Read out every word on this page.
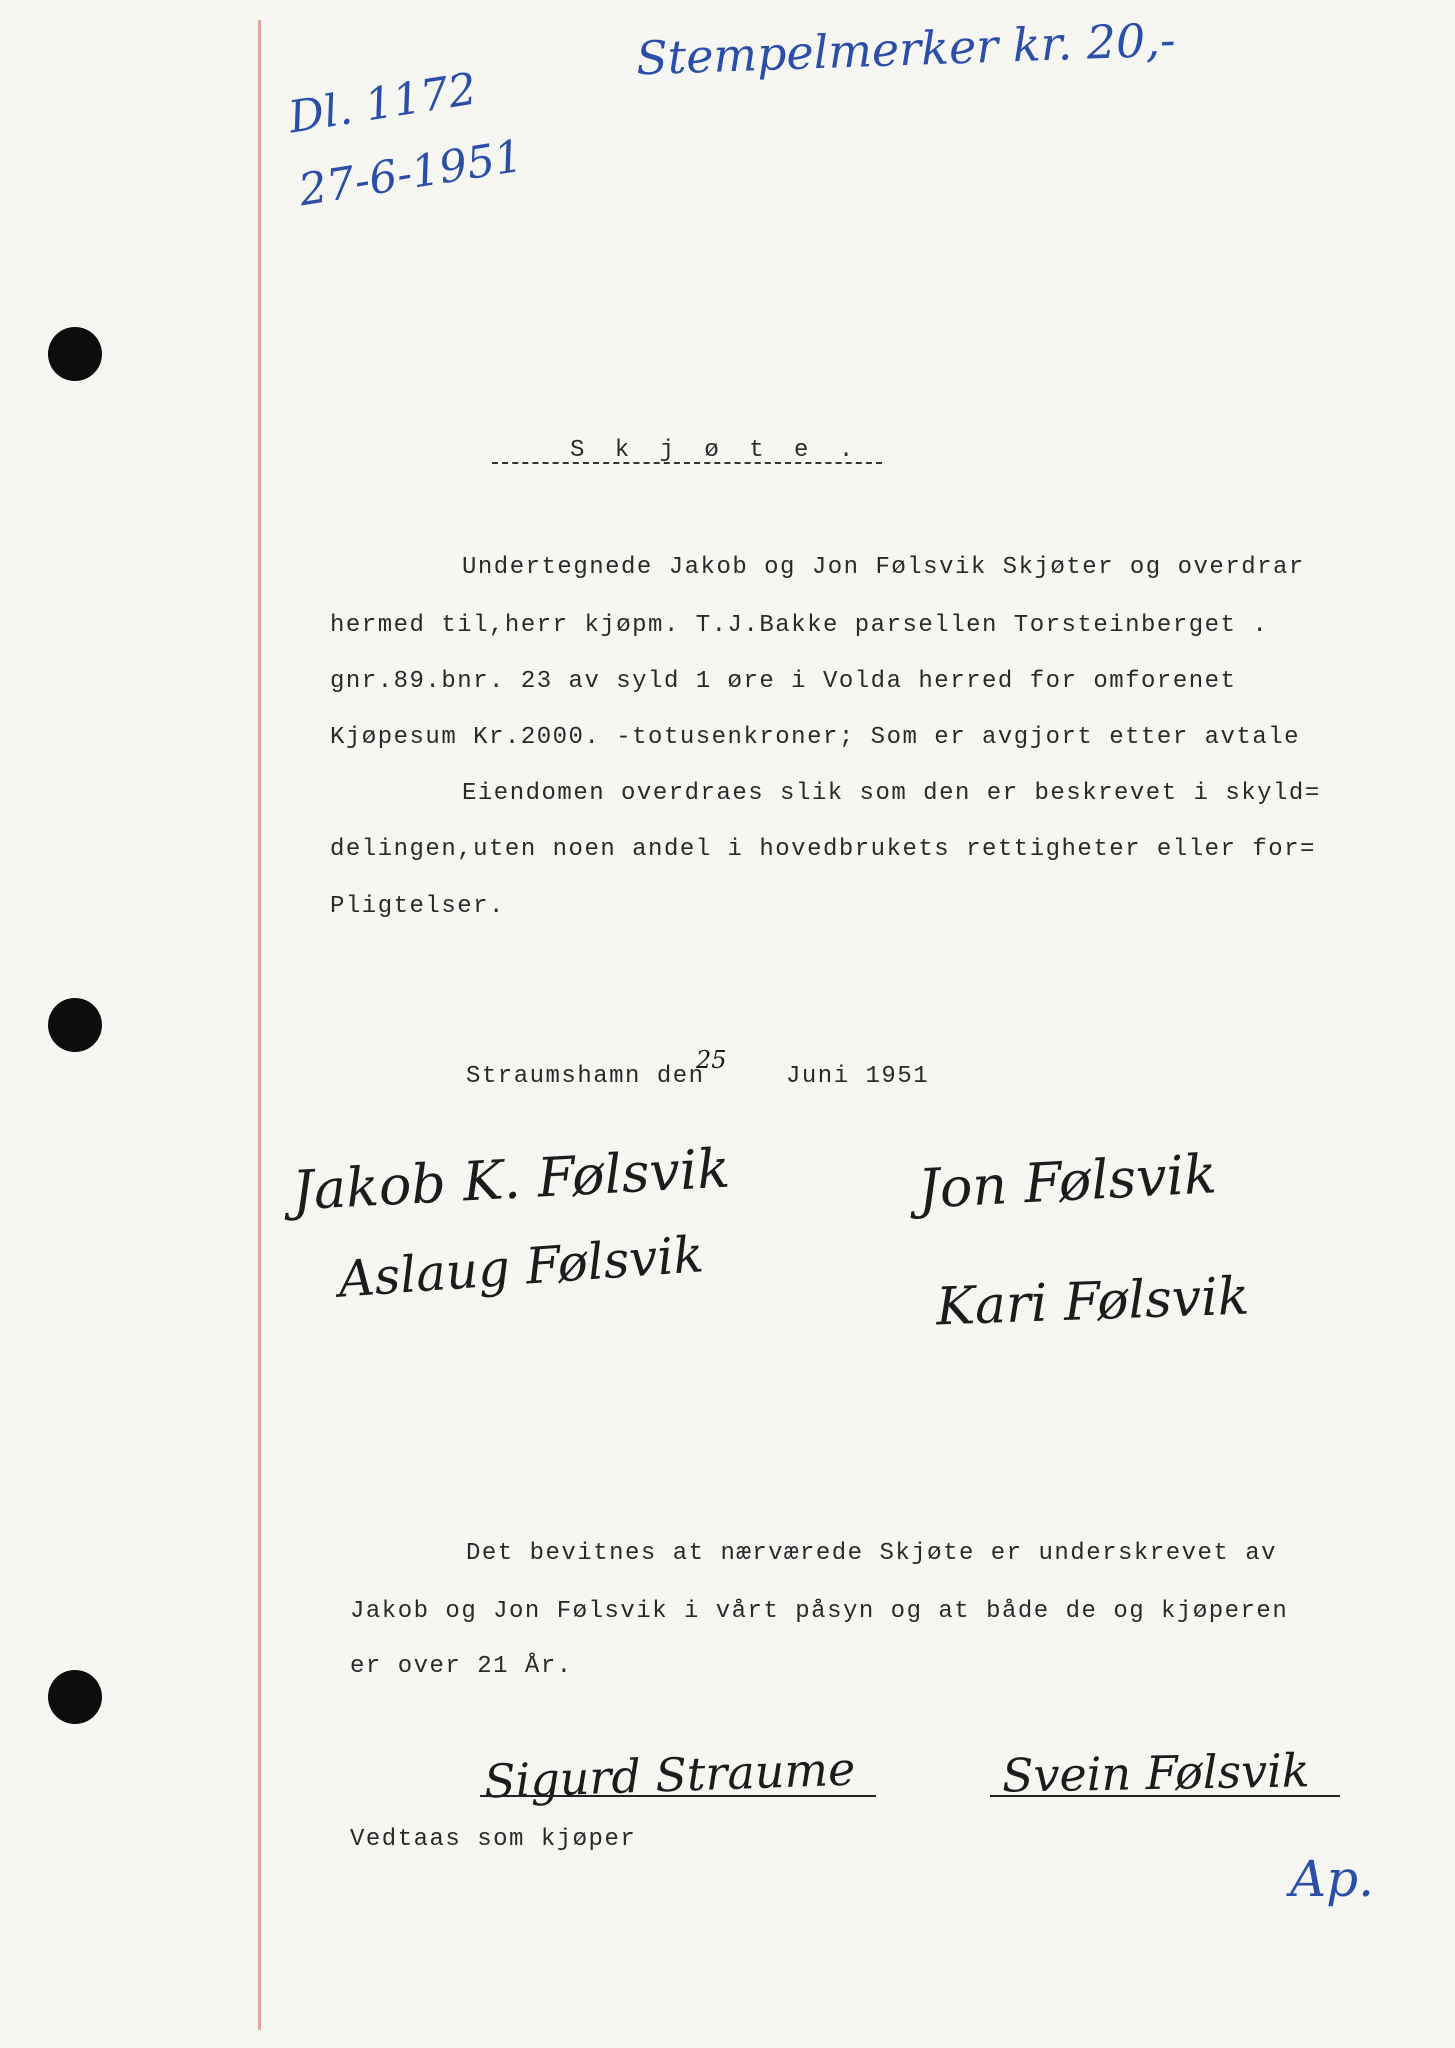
Stempelmerker kr. 20,-
Dl. 1172
27-6-1951
S k j ø t e .
Undertegnede Jakob og Jon Følsvik Skjøter og overdrar
hermed til,herr kjøpm. T.J.Bakke parsellen Torsteinberget .
gnr.89.bnr. 23 av syld 1 øre i Volda herred for omforenet
Kjøpesum Kr.2000. -totusenkroner; Som er avgjort etter avtale
Eiendomen overdraes slik som den er beskrevet i skyld=
delingen,uten noen andel i hovedbrukets rettigheter eller for=
Pligtelser.
Straumshamn den
25
Juni 1951
Jakob K. Følsvik
Aslaug Følsvik
Jon Følsvik
Kari Følsvik
Det bevitnes at nærværede Skjøte er underskrevet av
Jakob og Jon Følsvik i vårt påsyn og at både de og kjøperen
er over 21 År.
Sigurd Straume	Svein Følsvik
Vedtaas som kjøper
Ap.
